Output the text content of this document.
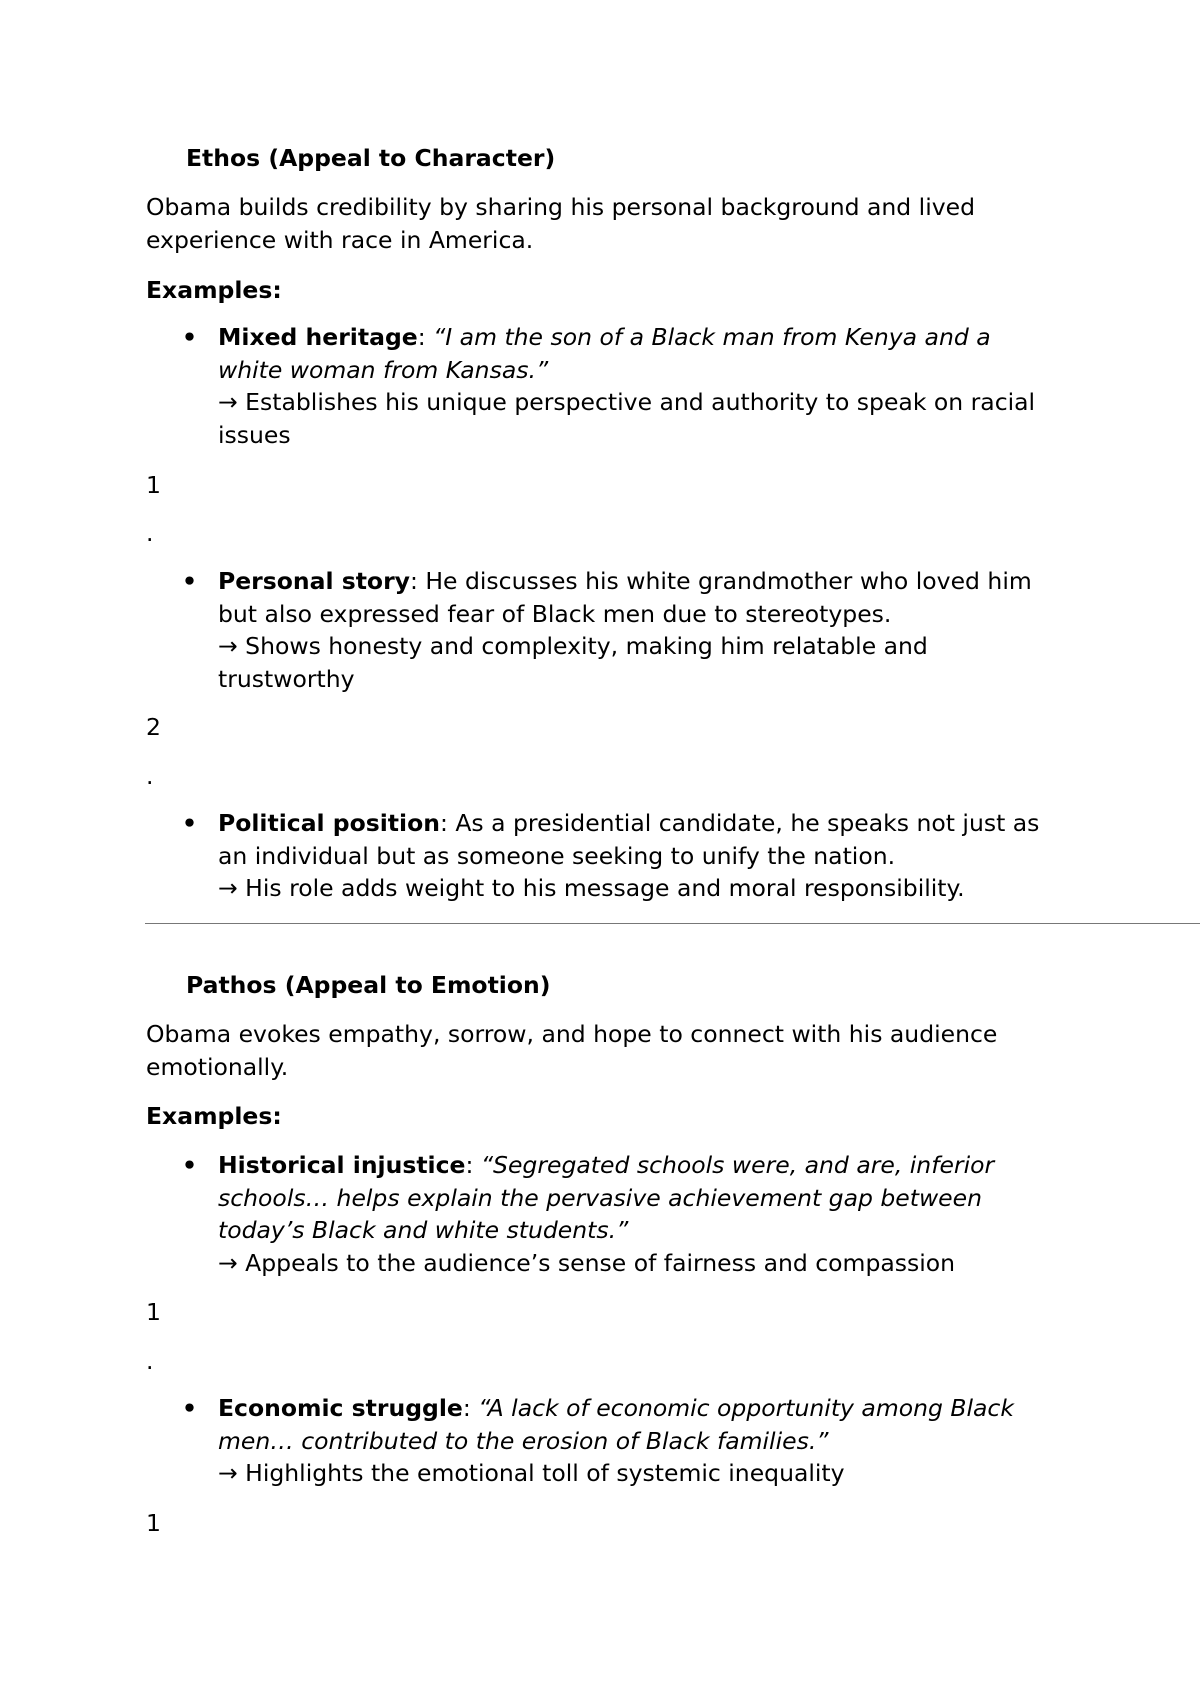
Ethos (Appeal to Character)
Obama builds credibility by sharing his personal background and lived experience with race in America.
Examples:
• Mixed heritage: “I am the son of a Black man from Kenya and a white woman from Kansas.”
→ Establishes his unique perspective and authority to speak on racial issues
1
.
• Personal story: He discusses his white grandmother who loved him but also expressed fear of Black men due to stereotypes.
→ Shows honesty and complexity, making him relatable and trustworthy
2
.
• Political position: As a presidential candidate, he speaks not just as an individual but as someone seeking to unify the nation.
→ His role adds weight to his message and moral responsibility.
Pathos (Appeal to Emotion)
Obama evokes empathy, sorrow, and hope to connect with his audience emotionally.
Examples:
• Historical injustice: “Segregated schools were, and are, inferior schools… helps explain the pervasive achievement gap between today’s Black and white students.”
→ Appeals to the audience’s sense of fairness and compassion
1
.
• Economic struggle: “A lack of economic opportunity among Black men… contributed to the erosion of Black families.”
→ Highlights the emotional toll of systemic inequality
1
